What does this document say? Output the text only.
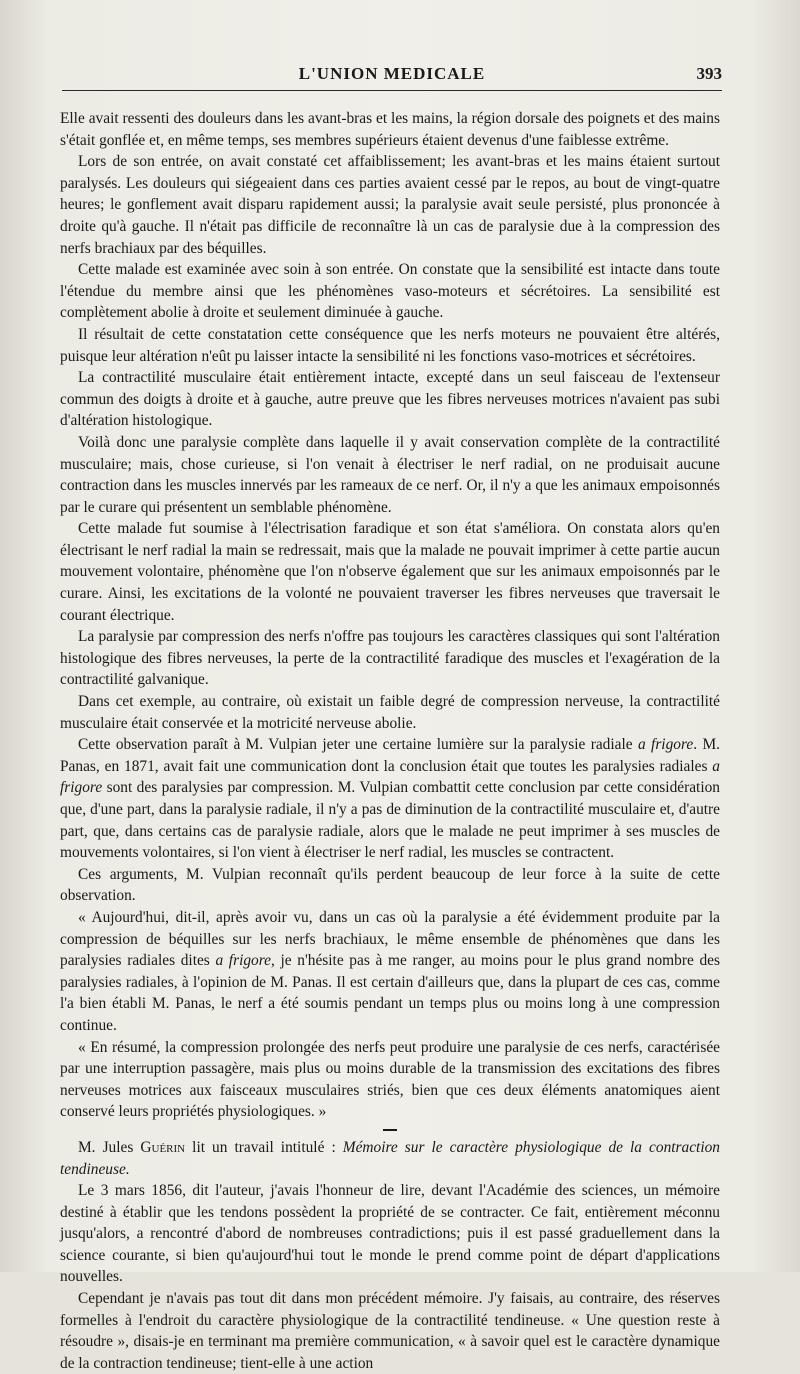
L'UNION MEDICALE	393

Elle avait ressenti des douleurs dans les avant-bras et les mains, la région dorsale des poignets et des mains s'était gonflée et, en même temps, ses membres supérieurs étaient devenus d'une faiblesse extrême.

Lors de son entrée, on avait constaté cet affaiblissement; les avant-bras et les mains étaient surtout paralysés. Les douleurs qui siégeaient dans ces parties avaient cessé par le repos, au bout de vingt-quatre heures; le gonflement avait disparu rapidement aussi; la paralysie avait seule persisté, plus prononcée à droite qu'à gauche. Il n'était pas difficile de reconnaître là un cas de paralysie due à la compression des nerfs brachiaux par des béquilles.

Cette malade est examinée avec soin à son entrée. On constate que la sensibilité est intacte dans toute l'étendue du membre ainsi que les phénomènes vaso-moteurs et sécrétoires. La sensibilité est complètement abolie à droite et seulement diminuée à gauche.

Il résultait de cette constatation cette conséquence que les nerfs moteurs ne pouvaient être altérés, puisque leur altération n'eût pu laisser intacte la sensibilité ni les fonctions vaso-motrices et sécrétoires.

La contractilité musculaire était entièrement intacte, excepté dans un seul faisceau de l'extenseur commun des doigts à droite et à gauche, autre preuve que les fibres nerveuses motrices n'avaient pas subi d'altération histologique.

Voilà donc une paralysie complète dans laquelle il y avait conservation complète de la contractilité musculaire; mais, chose curieuse, si l'on venait à électriser le nerf radial, on ne produisait aucune contraction dans les muscles innervés par les rameaux de ce nerf. Or, il n'y a que les animaux empoisonnés par le curare qui présentent un semblable phénomène.

Cette malade fut soumise à l'électrisation faradique et son état s'améliora. On constata alors qu'en électrisant le nerf radial la main se redressait, mais que la malade ne pouvait imprimer à cette partie aucun mouvement volontaire, phénomène que l'on n'observe également que sur les animaux empoisonnés par le curare. Ainsi, les excitations de la volonté ne pouvaient traverser les fibres nerveuses que traversait le courant électrique.

La paralysie par compression des nerfs n'offre pas toujours les caractères classiques qui sont l'altération histologique des fibres nerveuses, la perte de la contractilité faradique des muscles et l'exagération de la contractilité galvanique.

Dans cet exemple, au contraire, où existait un faible degré de compression nerveuse, la contractilité musculaire était conservée et la motricité nerveuse abolie.

Cette observation paraît à M. Vulpian jeter une certaine lumière sur la paralysie radiale a frigore. M. Panas, en 1871, avait fait une communication dont la conclusion était que toutes les paralysies radiales a frigore sont des paralysies par compression. M. Vulpian combattit cette conclusion par cette considération que, d'une part, dans la paralysie radiale, il n'y a pas de diminution de la contractilité musculaire et, d'autre part, que, dans certains cas de paralysie radiale, alors que le malade ne peut imprimer à ses muscles de mouvements volontaires, si l'on vient à électriser le nerf radial, les muscles se contractent.

Ces arguments, M. Vulpian reconnaît qu'ils perdent beaucoup de leur force à la suite de cette observation.

« Aujourd'hui, dit-il, après avoir vu, dans un cas où la paralysie a été évidemment produite par la compression de béquilles sur les nerfs brachiaux, le même ensemble de phénomènes que dans les paralysies radiales dites a frigore, je n'hésite pas à me ranger, au moins pour le plus grand nombre des paralysies radiales, à l'opinion de M. Panas. Il est certain d'ailleurs que, dans la plupart de ces cas, comme l'a bien établi M. Panas, le nerf a été soumis pendant un temps plus ou moins long à une compression continue.

« En résumé, la compression prolongée des nerfs peut produire une paralysie de ces nerfs, caractérisée par une interruption passagère, mais plus ou moins durable de la transmission des excitations des fibres nerveuses motrices aux faisceaux musculaires striés, bien que ces deux éléments anatomiques aient conservé leurs propriétés physiologiques. »

M. Jules Guérin lit un travail intitulé : Mémoire sur le caractère physiologique de la contraction tendineuse.

Le 3 mars 1856, dit l'auteur, j'avais l'honneur de lire, devant l'Académie des sciences, un mémoire destiné à établir que les tendons possèdent la propriété de se contracter. Ce fait, entièrement méconnu jusqu'alors, a rencontré d'abord de nombreuses contradictions; puis il est passé graduellement dans la science courante, si bien qu'aujourd'hui tout le monde le prend comme point de départ d'applications nouvelles.

Cependant je n'avais pas tout dit dans mon précédent mémoire. J'y faisais, au contraire, des réserves formelles à l'endroit du caractère physiologique de la contractilité tendineuse. « Une question reste à résoudre », disais-je en terminant ma première communication, « à savoir quel est le caractère dynamique de la contraction tendineuse; tient-elle à une action
